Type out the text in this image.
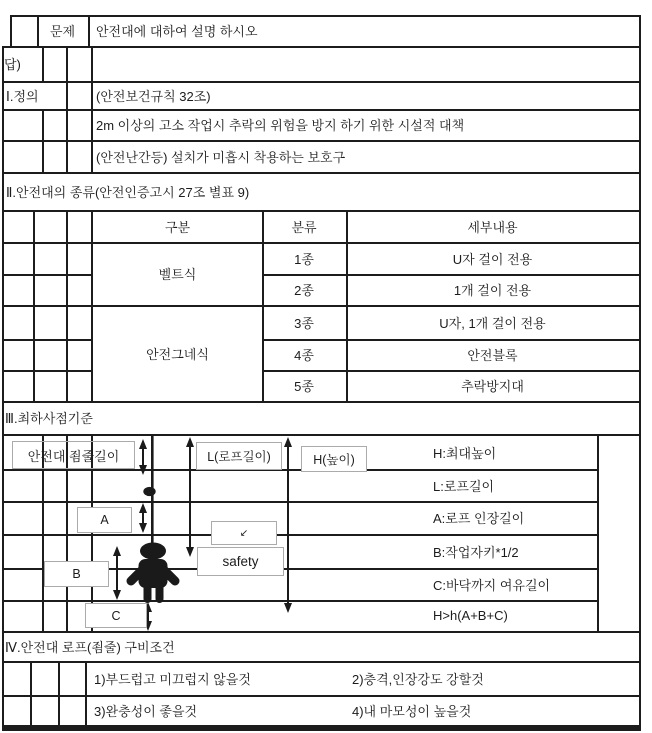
안전대 죔줄길이	L(로프길이)	H(높이)
A
B
C
safety
↙
문제	안전대에 대하여 설명 하시오
답)
Ⅰ.정의	(안전보건규칙 32조)
2m 이상의 고소 작업시 추락의 위험을 방지 하기 위한 시설적 대책
(안전난간등) 설치가 미흡시 착용하는 보호구
Ⅱ.안전대의 종류(안전인증고시 27조 별표 9)
구분	분류	세부내용
벨트식
1종	U자 걸이 전용
2종	1개 걸이 전용
안전그네식
3종	U자, 1개 걸이 전용
4종	안전블록
5종	추락방지대
Ⅲ.최하사점기준
H:최대높이
L:로프길이
A:로프 인장길이
B:작업자키*1/2
C:바닥까지 여유길이
H>h(A+B+C)
Ⅳ.안전대 로프(죔줄) 구비조건
1)부드럽고 미끄럽지 않을것	2)충격,인장강도 강할것
3)완충성이 좋을것	4)내 마모성이 높을것
